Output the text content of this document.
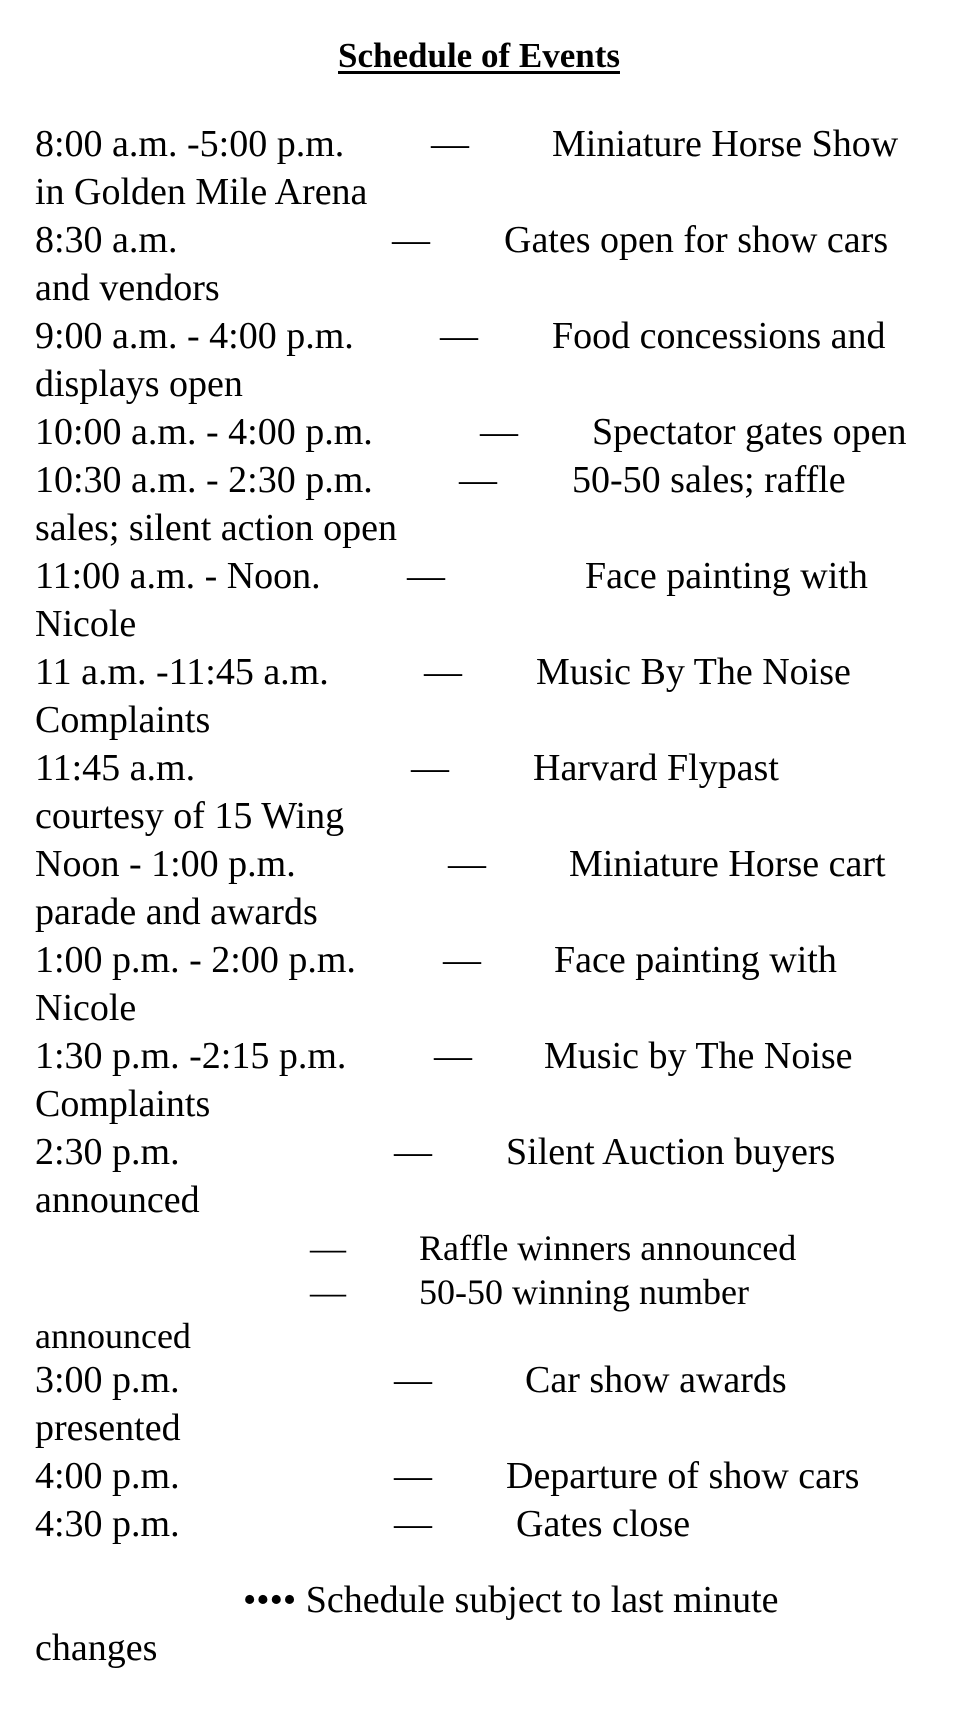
Schedule of Events
8:00 a.m. -5:00 p.m. — Miniature Horse Show
in Golden Mile Arena
8:30 a.m.	— Gates open for show cars
and vendors
9:00 a.m. - 4:00 p.m. — Food concessions and
displays open
10:00 a.m. - 4:00 p.m.	— Spectator gates open
10:30 a.m. - 2:30 p.m. — 50-50 sales; raffle
sales; silent action open
11:00 a.m. - Noon. —	Face painting with
Nicole
11 a.m. -11:45 a.m.	— Music By The Noise
Complaints
11:45 a.m.	— Harvard Flypast
courtesy of 15 Wing
Noon - 1:00 p.m.	— Miniature Horse cart
parade and awards
1:00 p.m. - 2:00 p.m. — Face painting with
Nicole
1:30 p.m. -2:15 p.m. — Music by The Noise
Complaints
2:30 p.m.	— Silent Auction buyers
announced
— Raffle winners announced
— 50-50 winning number
announced
3:00 p.m.	— Car show awards
presented
4:00 p.m.	— Departure of show cars
4:30 p.m.	— Gates close
•••• Schedule subject to last minute
changes
